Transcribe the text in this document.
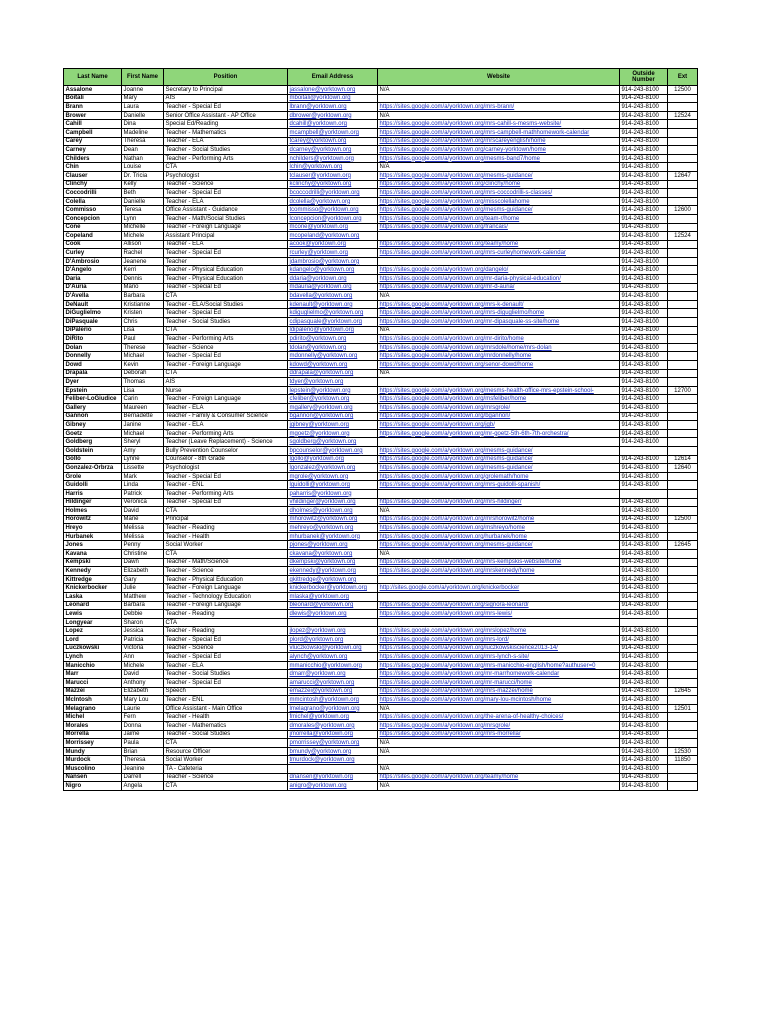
Last Name	First Name	Position	Email Address	Website	Outside Number	Ext
Assalone	Joanne	Secretary to Principal	jassalone@yorktown.org	N/A	914-243-8100	12500
Boitali	Mary	AIS	mboitali@yorktown.org		914-243-8100	
Brann	Laura	Teacher - Special Ed	lbrann@yorktown.org	https://sites.google.com/a/yorktown.org/mrs-brann/	914-243-8100	
Brower	Danielle	Senior Office Assistant - AP Office	dbrower@yorktown.org	N/A	914-243-8100	12524
Cahill	Dina	Special Ed/Reading	dcahill@yorktown.org	https://sites.google.com/a/yorktown.org/mrs-cahill-s-mesms-website/	914-243-8100	
Campbell	Madeline	Teacher - Mathematics	mcampbell@yorktown.org	https://sites.google.com/a/yorktown.org/mrs-campbell-mathhomework-calendar	914-243-8100	
Carey	Theresa	Teacher - ELA	tcarey@yorktown.org	https://sites.google.com/a/yorktown.org/mrscareyenglish/home	914-243-8100	
Carney	Dean	Teacher - Social Studies	dcarney@yorktown.org	https://sites.google.com/a/yorktown.org/carney-yorktown/home	914-243-8100	
Childers	Nathan	Teacher - Performing Arts	nchilders@yorktown.org	https://sites.google.com/a/yorktown.org/mesms-band7/home	914-243-8100	
Chin	Louise	CTA	lchin@yorktown.org	N/A	914-243-8100	
Clauser	Dr. Tricia	Psychologist	tclauser@yorktown.org	https://sites.google.com/a/yorktown.org/mesms-guidance/	914-243-8100	12647
Clinchy	Kelly	Teacher - Science	kclinchy@yorktown.org	https://sites.google.com/a/yorktown.org/clinchy/home	914-243-8100	
Coccodrilli	Beth	Teacher - Special Ed	bcoccodrilli@yorktown.org	https://sites.google.com/a/yorktown.org/mrs-coccodrilli-s-classes/	914-243-8100	
Colella	Danielle	Teacher - ELA	dcolella@yorktown.org	https://sites.google.com/a/yorktown.org/misscolellahome	914-243-8100	
Commisso	Teresa	Office Assistant - Guidance	tcommisso@yorktown.org	https://sites.google.com/a/yorktown.org/mesms-guidance/	914-243-8100	12600
Concepcion	Lynn	Teacher - Math/Social Studies	lconcepcion@yorktown.org	https://sites.google.com/a/yorktown.org/team-r/home	914-243-8100	
Cone	Michelle	Teacher - Foreign Language	mcone@yorktown.org	https://sites.google.com/a/yorktown.org/francais/	914-243-8100	
Copeland	Michele	Assistant Principal	mcopeland@yorktown.org		914-243-8100	12524
Cook	Allison	Teacher - ELA	acook@yorktown.org	https://sites.google.com/a/yorktown.org/teamy/home	914-243-8100	
Curley	Rachel	Teacher - Special Ed	rcurley@yorktown.org	https://sites.google.com/a/yorktown.org/mrs-curleyhomework-calendar	914-243-8100	
D'Ambrosio	Jeanene	Teacher	jdambrosio@yorktown.org		914-243-8100	
D'Angelo	Kerri	Teacher - Physical Education	kdangelo@yorktown.org	https://sites.google.com/a/yorktown.org/dangelo/	914-243-8100	
Daria	Dennis	Teacher - Physical Education	ddaria@yorktown.org	https://sites.google.com/a/yorktown.org/mr-daria-physical-education/	914-243-8100	
D'Auria	Mario	Teacher - Special Ed	mdauria@yorktown.org	https://sites.google.com/a/yorktown.org/mr-d-auria/	914-243-8100	
D'Avella	Barbara	CTA	bdavella@yorktown.org	N/A	914-243-8100	
DeNault	Kristianne	Teacher - ELA/Social Studies	kdenault@yorktown.org	https://sites.google.com/a/yorktown.org/mrs-k-denault/	914-243-8100	
DiGuglielmo	Kristen	Teacher - Special Ed	kdiguglielmo@yorktown.org	https://sites.google.com/a/yorktown.org/mrs-diguglielmo/home	914-243-8100	
DiPasquale	Chris	Teacher - Social Studies	cdipasquale@yorktown.org	https://sites.google.com/a/yorktown.org/mr-dipasquale-ss-site/home	914-243-8100	
DiPalerio	Lisa	CTA	ldipalerio@yorktown.org	N/A	914-243-8100	
DiRito	Paul	Teacher - Performing Arts	pdirito@yorktown.org	https://sites.google.com/a/yorktown.org/mr-dirito/home	914-243-8100	
Dolan	Therese	Teacher - Science	tdolan@yorktown.org	https://sites.google.com/a/yorktown.org/mrsdole/home/mrs-dolan	914-243-8100	
Donnelly	Michael	Teacher - Special Ed	mdonnelly@yorktown.org	https://sites.google.com/a/yorktown.org/mrdonnelly/home	914-243-8100	
Dowd	Kevin	Teacher - Foreign Language	kdowd@yorktown.org	https://sites.google.com/a/yorktown.org/senor-dowd/home	914-243-8100	
Drapala	Deborah	CTA	ddrapala@yorktown.org	N/A	914-243-8100	
Dyer	Thomas	AIS	tdyer@yorktown.org		914-243-8100	
Epstein	Lisa	Nurse	lepstein@yorktown.org	https://sites.google.com/a/yorktown.org/mesms-health-office-mrs-epstein-school-	914-243-8100	12700
Feliber-LoGiudice	Carin	Teacher - Foreign Language	cfeliber@yorktown.org	https://sites.google.com/a/yorktown.org/msfeliber/home	914-243-8100	
Gallery	Maureen	Teacher - ELA	mgallery@yorktown.org	https://sites.google.com/a/yorktown.org/mrsgrole/	914-243-8100	
Gannon	Bernadette	Teacher - Family & Consumer Science	bgannon@yorktown.org	https://sites.google.com/a/yorktown.org/bgannon/	914-243-8100	
Gibney	Janine	Teacher - ELA	jgibney@yorktown.org	https://sites.google.com/a/yorktown.org/jgb/	914-243-8100	
Goetz	Michael	Teacher - Performing Arts	mgoetz@yorktown.org	https://sites.google.com/a/yorktown.org/mr-goetz-5th-6th-7th-orchestra/	914-243-8100	
Goldberg	Sheryl	Teacher (Leave Replacement) - Science	sgoldberg@yorktown.org		914-243-8100	
Goldstein	Amy	Bully Prevention Counselor	bpcounselor@yorktown.org	https://sites.google.com/a/yorktown.org/mesms-guidance/		
Gollo	Lynne	Counselor - 8th Grade	lgollo@yorktown.org	https://sites.google.com/a/yorktown.org/mesms-guidance/	914-243-8100	12614
Gonzalez-Orbrza	Lissette	Psychologist	lgonzalez@yorktown.org	https://sites.google.com/a/yorktown.org/mesms-guidance/	914-243-8100	12640
Grole	Mark	Teacher - Special Ed	mgrole@yorktown.org	https://sites.google.com/a/yorktown.org/grolemath/home	914-243-8100	
Guidolli	Linda	Teacher - ENL	lguidolli@yorktown.org	https://sites.google.com/a/yorktown.org/mrs-guidolli-spanish/	914-243-8100	
Harris	Patrick	Teacher - Performing Arts	paharris@yorktown.org			
Hildinger	Veronica	Teacher - Special Ed	vhildinger@yorktown.org	https://sites.google.com/a/yorktown.org/mrs-hildinger/	914-243-8100	
Holmes	David	CTA	dholmes@yorktown.org	N/A	914-243-8100	
Horowitz	Marie	Principal	mhorowitz@yorktown.org	https://sites.google.com/a/yorktown.org/mrshorowitz/home	914-243-8100	12500
Hreyo	Melissa	Teacher - Reading	mehreyo@yorktown.org	https://sites.google.com/a/yorktown.org/mshreyo/home	914-243-8100	
Hurbanek	Melissa	Teacher - Health	mhurbanek@yorktown.org	https://sites.google.com/a/yorktown.org/hurbanek/home	914-243-8100	
Jones	Penny	Social Worker	pjones@yorktown.org	https://sites.google.com/a/yorktown.org/mesms-guidance/	914-243-8100	12645
Kavana	Christine	CTA	ckavana@yorktown.org	N/A	914-243-8100	
Kempski	Dawn	Teacher - Math/Science	dkempski@yorktown.org	https://sites.google.com/a/yorktown.org/mrs-kempskis-website/home	914-243-8100	
Kennedy	Elizabeth	Teacher - Science	ekennedy@yorktown.org	https://sites.google.com/a/yorktown.org/mrskennedy/home	914-243-8100	
Kittredge	Gary	Teacher - Physical Education	gkittredge@yorktown.org		914-243-8100	
Knickerbocker	Julie	Teacher - Foreign Language	knickerbocker@yorktown.org	http://sites.google.com/a/yorktown.org/knickerbocker	914-243-8100	
Laska	Matthew	Teacher - Technology Education	mlaska@yorktown.org		914-243-8100	
Leonard	Barbara	Teacher - Foreign Language	bleonard@yorktown.org	https://sites.google.com/a/yorktown.org/signora-leonard/	914-243-8100	
Lewis	Debbie	Teacher - Reading	dlewis@yorktown.org	https://sites.google.com/a/yorktown.org/mrs-lewis/	914-243-8100	
Longyear	Sharon	CTA				
Lopez	Jessica	Teacher - Reading	jlopez@yorktown.org	https://sites.google.com/a/yorktown.org/mrslopez/home	914-243-8100	
Lord	Patricia	Teacher - Special Ed	plord@yorktown.org	https://sites.google.com/a/yorktown.org/mrs-lord/	914-243-8100	
Luczkowski	Victoria	Teacher - Science	vluczkowski@yorktown.org	https://sites.google.com/a/yorktown.org/luczkowskiscience2013-14/	914-243-8100	
Lynch	Ann	Teacher - Special Ed	alynch@yorktown.org	https://sites.google.com/a/yorktown.org/mrs-lynch-s-site/	914-243-8100	
Manicchio	Michele	Teacher - ELA	mmanicchio@yorktown.org	https://sites.google.com/a/yorktown.org/mrs-manicchio-english/home?authuser=0	914-243-8100	
Marr	David	Teacher - Social Studies	dmarr@yorktown.org	https://sites.google.com/a/yorktown.org/mr-marrhomework-calendar	914-243-8100	
Marucci	Anthony	Teacher - Special Ed	amarucci@yorktown.org	https://sites.google.com/a/yorktown.org/mr-marucci/home	914-243-8100	
Mazzei	Elizabeth	Speech	emazzei@yorktown.org	https://sites.google.com/a/yorktown.org/mrs-mazzei/home	914-243-8100	12645
McIntosh	Mary Lou	Teacher - ENL	mmcintosh@yorktown.org	https://sites.google.com/a/yorktown.org/mary-lou-mcintosh/home	914-243-8100	
Melagrano	Laurie	Office Assistant - Main Office	lmelagrano@yorktown.org	N/A	914-243-8100	12501
Michel	Fern	Teacher - Health	fmichel@yorktown.org	https://sites.google.com/a/yorktown.org/the-arena-of-healthy-choices/	914-243-8100	
Morales	Donna	Teacher - Mathematics	dmorales@yorktown.org	https://sites.google.com/a/yorktown.org/mrsgrole/	914-243-8100	
Morrella	Jaime	Teacher - Social Studies	jmorrella@yorktown.org	https://sites.google.com/a/yorktown.org/mrs-morrella/	914-243-8100	
Morrissey	Paula	CTA	pmorrissey@yorktown.org	N/A	914-243-8100	
Mundy	Brian	Resource Officer	bmundy@yorktown.org	N/A	914-243-8100	12530
Murdock	Theresa	Social Worker	tmurdock@yorktown.org		914-243-8100	11850
Muscolino	Jeanine	TA - Cafeteria		N/A	914-243-8100	
Nansen	Darrell	Teacher - Science	dnansen@yorktown.org	https://sites.google.com/a/yorktown.org/teamy/home	914-243-8100	
Nigro	Angela	CTA	anigro@yorktown.org	N/A	914-243-8100	
